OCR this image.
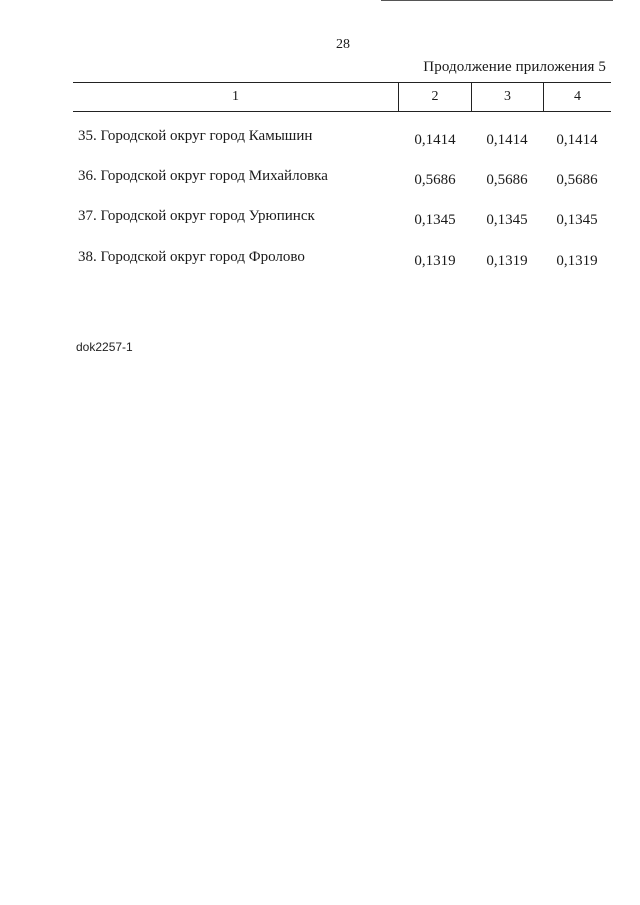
28
Продолжение приложения 5
1	2	3	4
35. Городской округ город Камышин	0,1414	0,1414	0,1414
36. Городской округ город Михайловка	0,5686	0,5686	0,5686
37. Городской округ город Урюпинск	0,1345	0,1345	0,1345
38. Городской округ город Фролово	0,1319	0,1319	0,1319
dok2257-1
